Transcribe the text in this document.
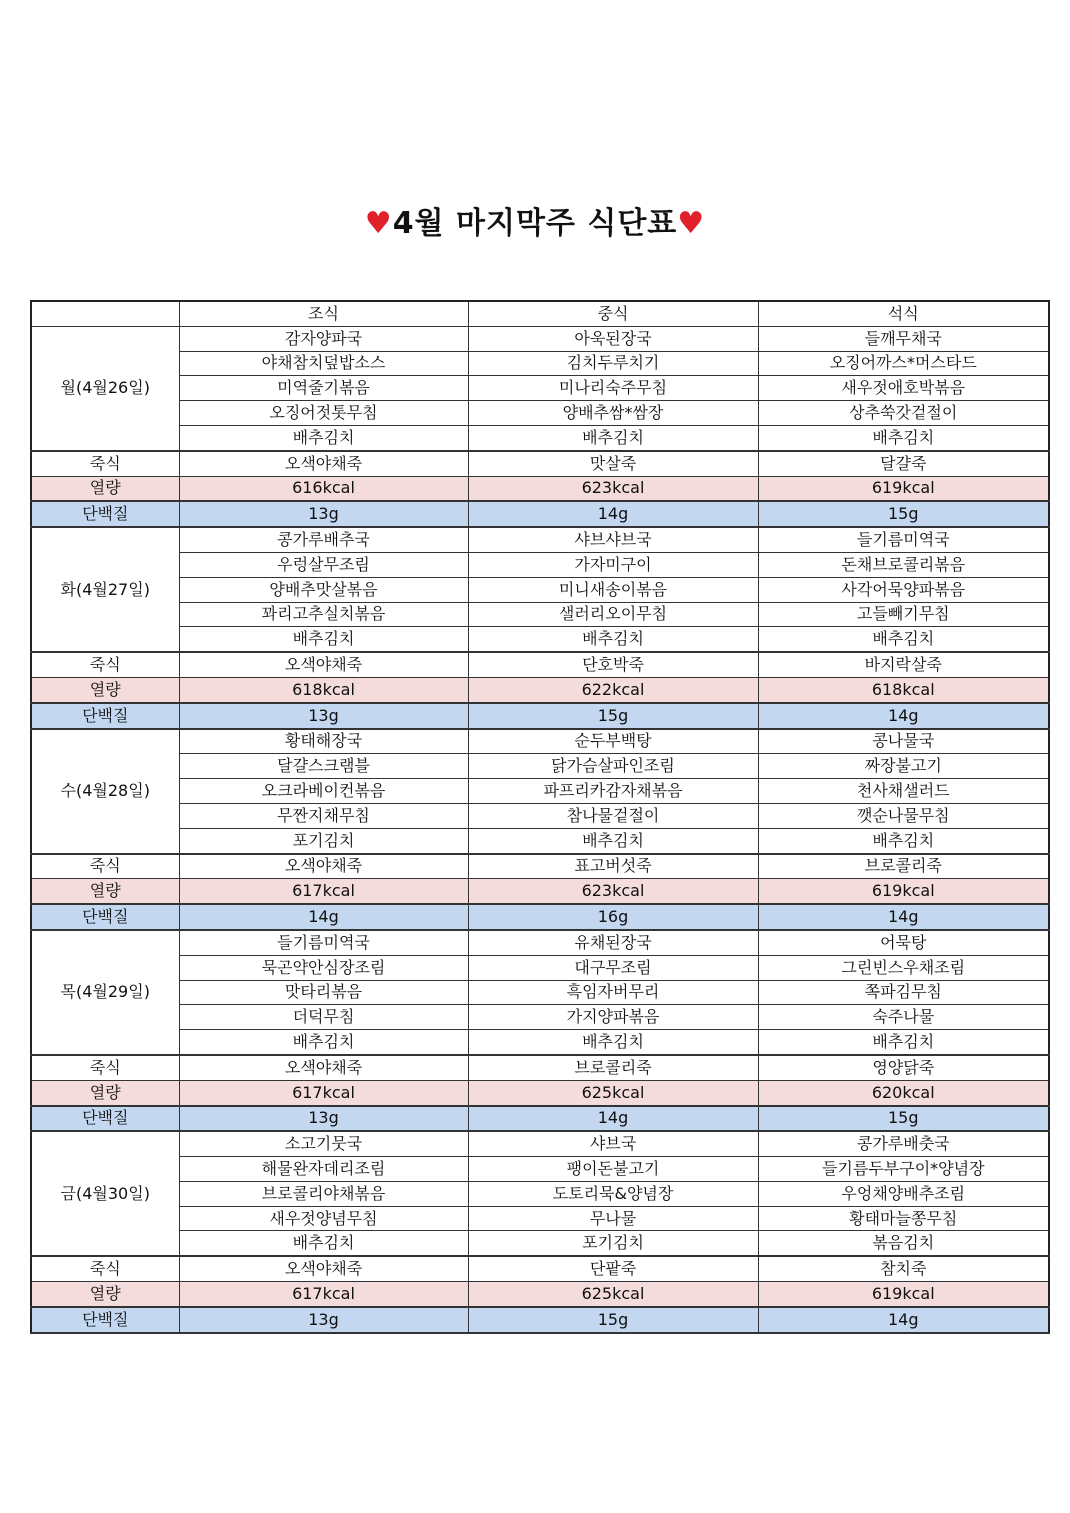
♥4월 마지막주 식단표♥
	조식	중식	석식
월(4월26일)	감자양파국	아욱된장국	들깨무채국
	야채참치덮밥소스	김치두루치기	오징어까스*머스타드
	미역줄기볶음	미나리숙주무침	새우젓애호박볶음
	오징어젓톳무침	양배추쌈*쌈장	상추쑥갓겉절이
	배추김치	배추김치	배추김치
죽식	오색야채죽	맛살죽	달걀죽
열량	616kcal	623kcal	619kcal
단백질	13g	14g	15g
화(4월27일)	콩가루배추국	샤브샤브국	들기름미역국
	우렁살무조림	가자미구이	돈채브로콜리볶음
	양배추맛살볶음	미니새송이볶음	사각어묵양파볶음
	꽈리고추실치볶음	샐러리오이무침	고들빼기무침
	배추김치	배추김치	배추김치
죽식	오색야채죽	단호박죽	바지락살죽
열량	618kcal	622kcal	618kcal
단백질	13g	15g	14g
수(4월28일)	황태해장국	순두부백탕	콩나물국
	달걀스크램블	닭가슴살파인조림	짜장불고기
	오크라베이컨볶음	파프리카감자채볶음	천사채샐러드
	무짠지채무침	참나물겉절이	깻순나물무침
	포기김치	배추김치	배추김치
죽식	오색야채죽	표고버섯죽	브로콜리죽
열량	617kcal	623kcal	619kcal
단백질	14g	16g	14g
목(4월29일)	들기름미역국	유채된장국	어묵탕
	묵곤약안심장조림	대구무조림	그린빈스우채조림
	맛타리볶음	흑임자버무리	쪽파김무침
	더덕무침	가지양파볶음	숙주나물
	배추김치	배추김치	배추김치
죽식	오색야채죽	브로콜리죽	영양닭죽
열량	617kcal	625kcal	620kcal
단백질	13g	14g	15g
금(4월30일)	소고기뭇국	샤브국	콩가루배춧국
	해물완자데리조림	팽이돈불고기	들기름두부구이*양념장
	브로콜리야채볶음	도토리묵&양념장	우엉채양배추조림
	새우젓양념무침	무나물	황태마늘쫑무침
	배추김치	포기김치	볶음김치
죽식	오색야채죽	단팥죽	참치죽
열량	617kcal	625kcal	619kcal
단백질	13g	15g	14g
